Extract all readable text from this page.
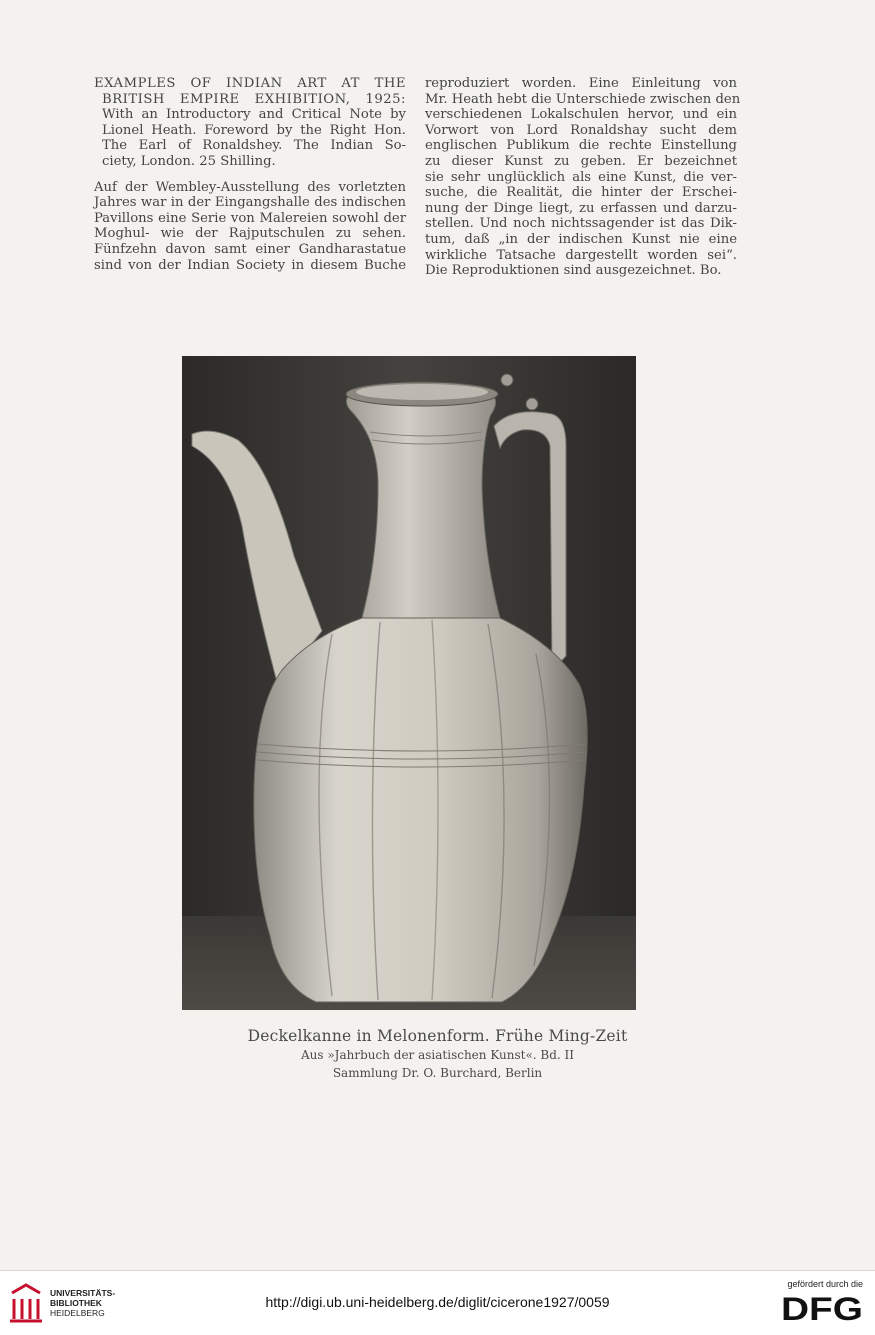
EXAMPLES OF INDIAN ART AT THE
BRITISH EMPIRE EXHIBITION, 1925:
With an Introductory and Critical Note by
Lionel Heath. Foreword by the Right Hon.
The Earl of Ronaldshey. The Indian So-
ciety, London. 25 Shilling.
Auf der Wembley-Ausstellung des vorletzten
Jahres war in der Eingangshalle des indischen
Pavillons eine Serie von Malereien sowohl der
Moghul- wie der Rajputschulen zu sehen.
Fünfzehn davon samt einer Gandharastatue
sind von der Indian Society in diesem Buche
reproduziert worden. Eine Einleitung von
Mr. Heath hebt die Unterschiede zwischen den
verschiedenen Lokalschulen hervor, und ein
Vorwort von Lord Ronaldshay sucht dem
englischen Publikum die rechte Einstellung
zu dieser Kunst zu geben. Er bezeichnet
sie sehr unglücklich als eine Kunst, die ver-
suche, die Realität, die hinter der Erschei-
nung der Dinge liegt, zu erfassen und darzu-
stellen. Und noch nichtssagender ist das Dik-
tum, daß „in der indischen Kunst nie eine
wirkliche Tatsache dargestellt worden sei“.
Die Reproduktionen sind ausgezeichnet. Bo.
Deckelkanne in Melonenform. Frühe Ming-Zeit
Aus »Jahrbuch der asiatischen Kunst«. Bd. II
Sammlung Dr. O. Burchard, Berlin
UNIVERSITÄTS-
BIBLIOTHEK
HEIDELBERG
http://digi.ub.uni-heidelberg.de/diglit/cicerone1927/0059
gefördert durch die
DFG
